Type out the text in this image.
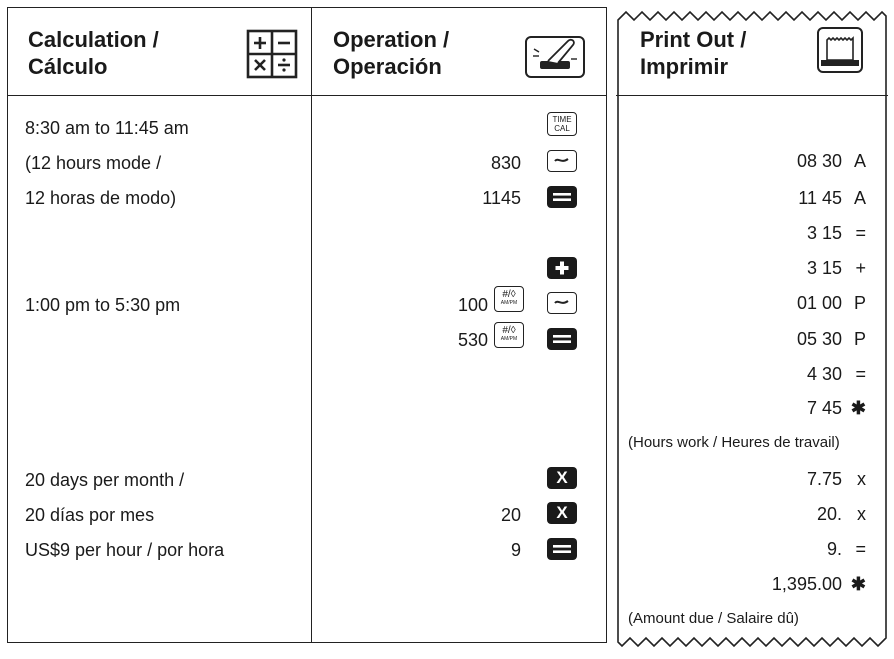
Calculation /
Cálculo
Operation /
Operación
8:30 am to 11:45 am
(12 hours mode /
12 horas de modo)
1:00 pm to 5:30 pm
20 days per month /
20 días por mes
US$9 per hour / por hora
830
1145
100
530
20
9
TIME
CAL
X
X
#/◊
AM/PM
#/◊
AM/PM
Print Out /
Imprimir
08 30 A
11 45 A
3 15 =
3 15 +
01 00 P
05 30 P
4 30 =
7 45 ✱
(Hours work / Heures de travail)
7.75 x
20. x
9. =
1,395.00 ✱
(Amount due / Salaire dû)
